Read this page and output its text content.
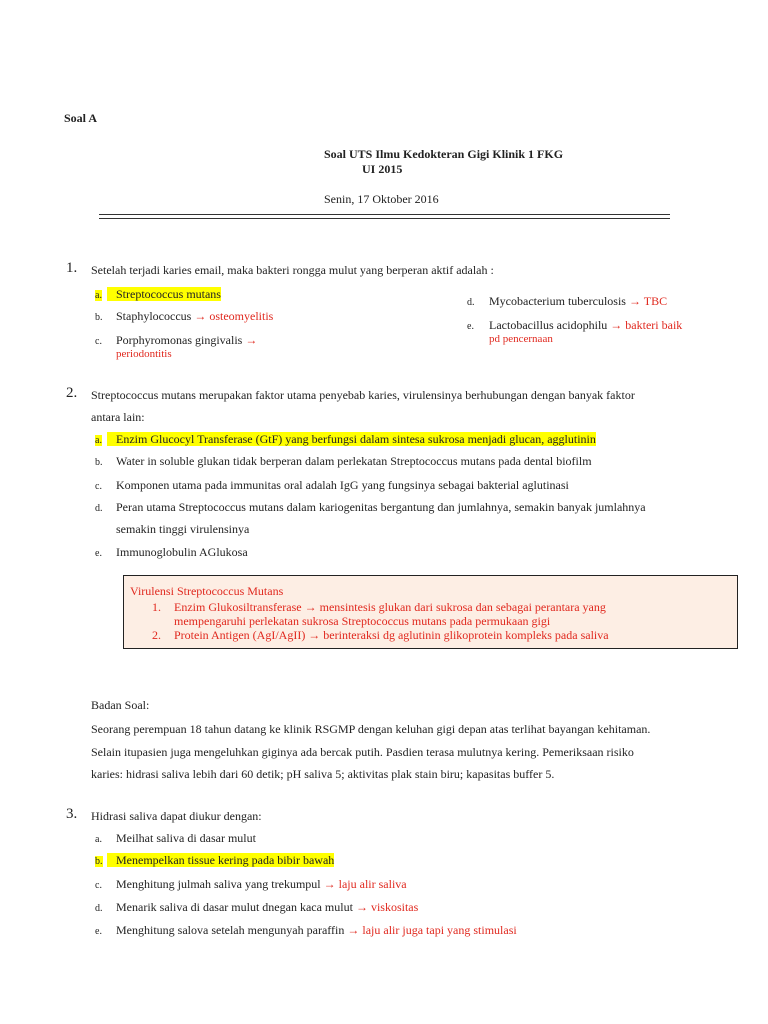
Soal A
Soal UTS Ilmu Kedokteran Gigi Klinik 1 FKG
UI 2015
Senin, 17 Oktober 2016
1. Setelah terjadi karies email, maka bakteri rongga mulut yang berperan aktif adalah :
a.	Streptococcus mutans
b. Staphylococcus → osteomyelitis
c. Porphyromonas gingivalis →
periodontitis
d. Mycobacterium tuberculosis → TBC
e. Lactobacillus acidophilu → bakteri baik
pd pencernaan
2. Streptococcus mutans merupakan faktor utama penyebab karies, virulensinya berhubungan dengan banyak faktor
antara lain:
a.	Enzim Glucocyl Transferase (GtF) yang berfungsi dalam sintesa sukrosa menjadi glucan, agglutinin
b. Water in soluble glukan tidak berperan dalam perlekatan Streptococcus mutans pada dental biofilm
c. Komponen utama pada immunitas oral adalah IgG yang fungsinya sebagai bakterial aglutinasi
d. Peran utama Streptococcus mutans dalam kariogenitas bergantung dan jumlahnya, semakin banyak jumlahnya
semakin tinggi virulensinya
e. Immunoglobulin AGlukosa
Virulensi Streptococcus Mutans
1. Enzim Glukosiltransferase → mensintesis glukan dari sukrosa dan sebagai perantara yang
mempengaruhi perlekatan sukrosa Streptococcus mutans pada permukaan gigi
2. Protein Antigen (AgI/AgII) → berinteraksi dg aglutinin glikoprotein kompleks pada saliva
Badan Soal:
Seorang perempuan 18 tahun datang ke klinik RSGMP dengan keluhan gigi depan atas terlihat bayangan kehitaman.
Selain itupasien juga mengeluhkan giginya ada bercak putih. Pasdien terasa mulutnya kering. Pemeriksaan risiko
karies: hidrasi saliva lebih dari 60 detik; pH saliva 5; aktivitas plak stain biru; kapasitas buffer 5.
3. Hidrasi saliva dapat diukur dengan:
a. Meilhat saliva di dasar mulut
b.	Menempelkan tissue kering pada bibir bawah
c. Menghitung julmah saliva yang trekumpul → laju alir saliva
d. Menarik saliva di dasar mulut dnegan kaca mulut → viskositas
e. Menghitung salova setelah mengunyah paraffin → laju alir juga tapi yang stimulasi
